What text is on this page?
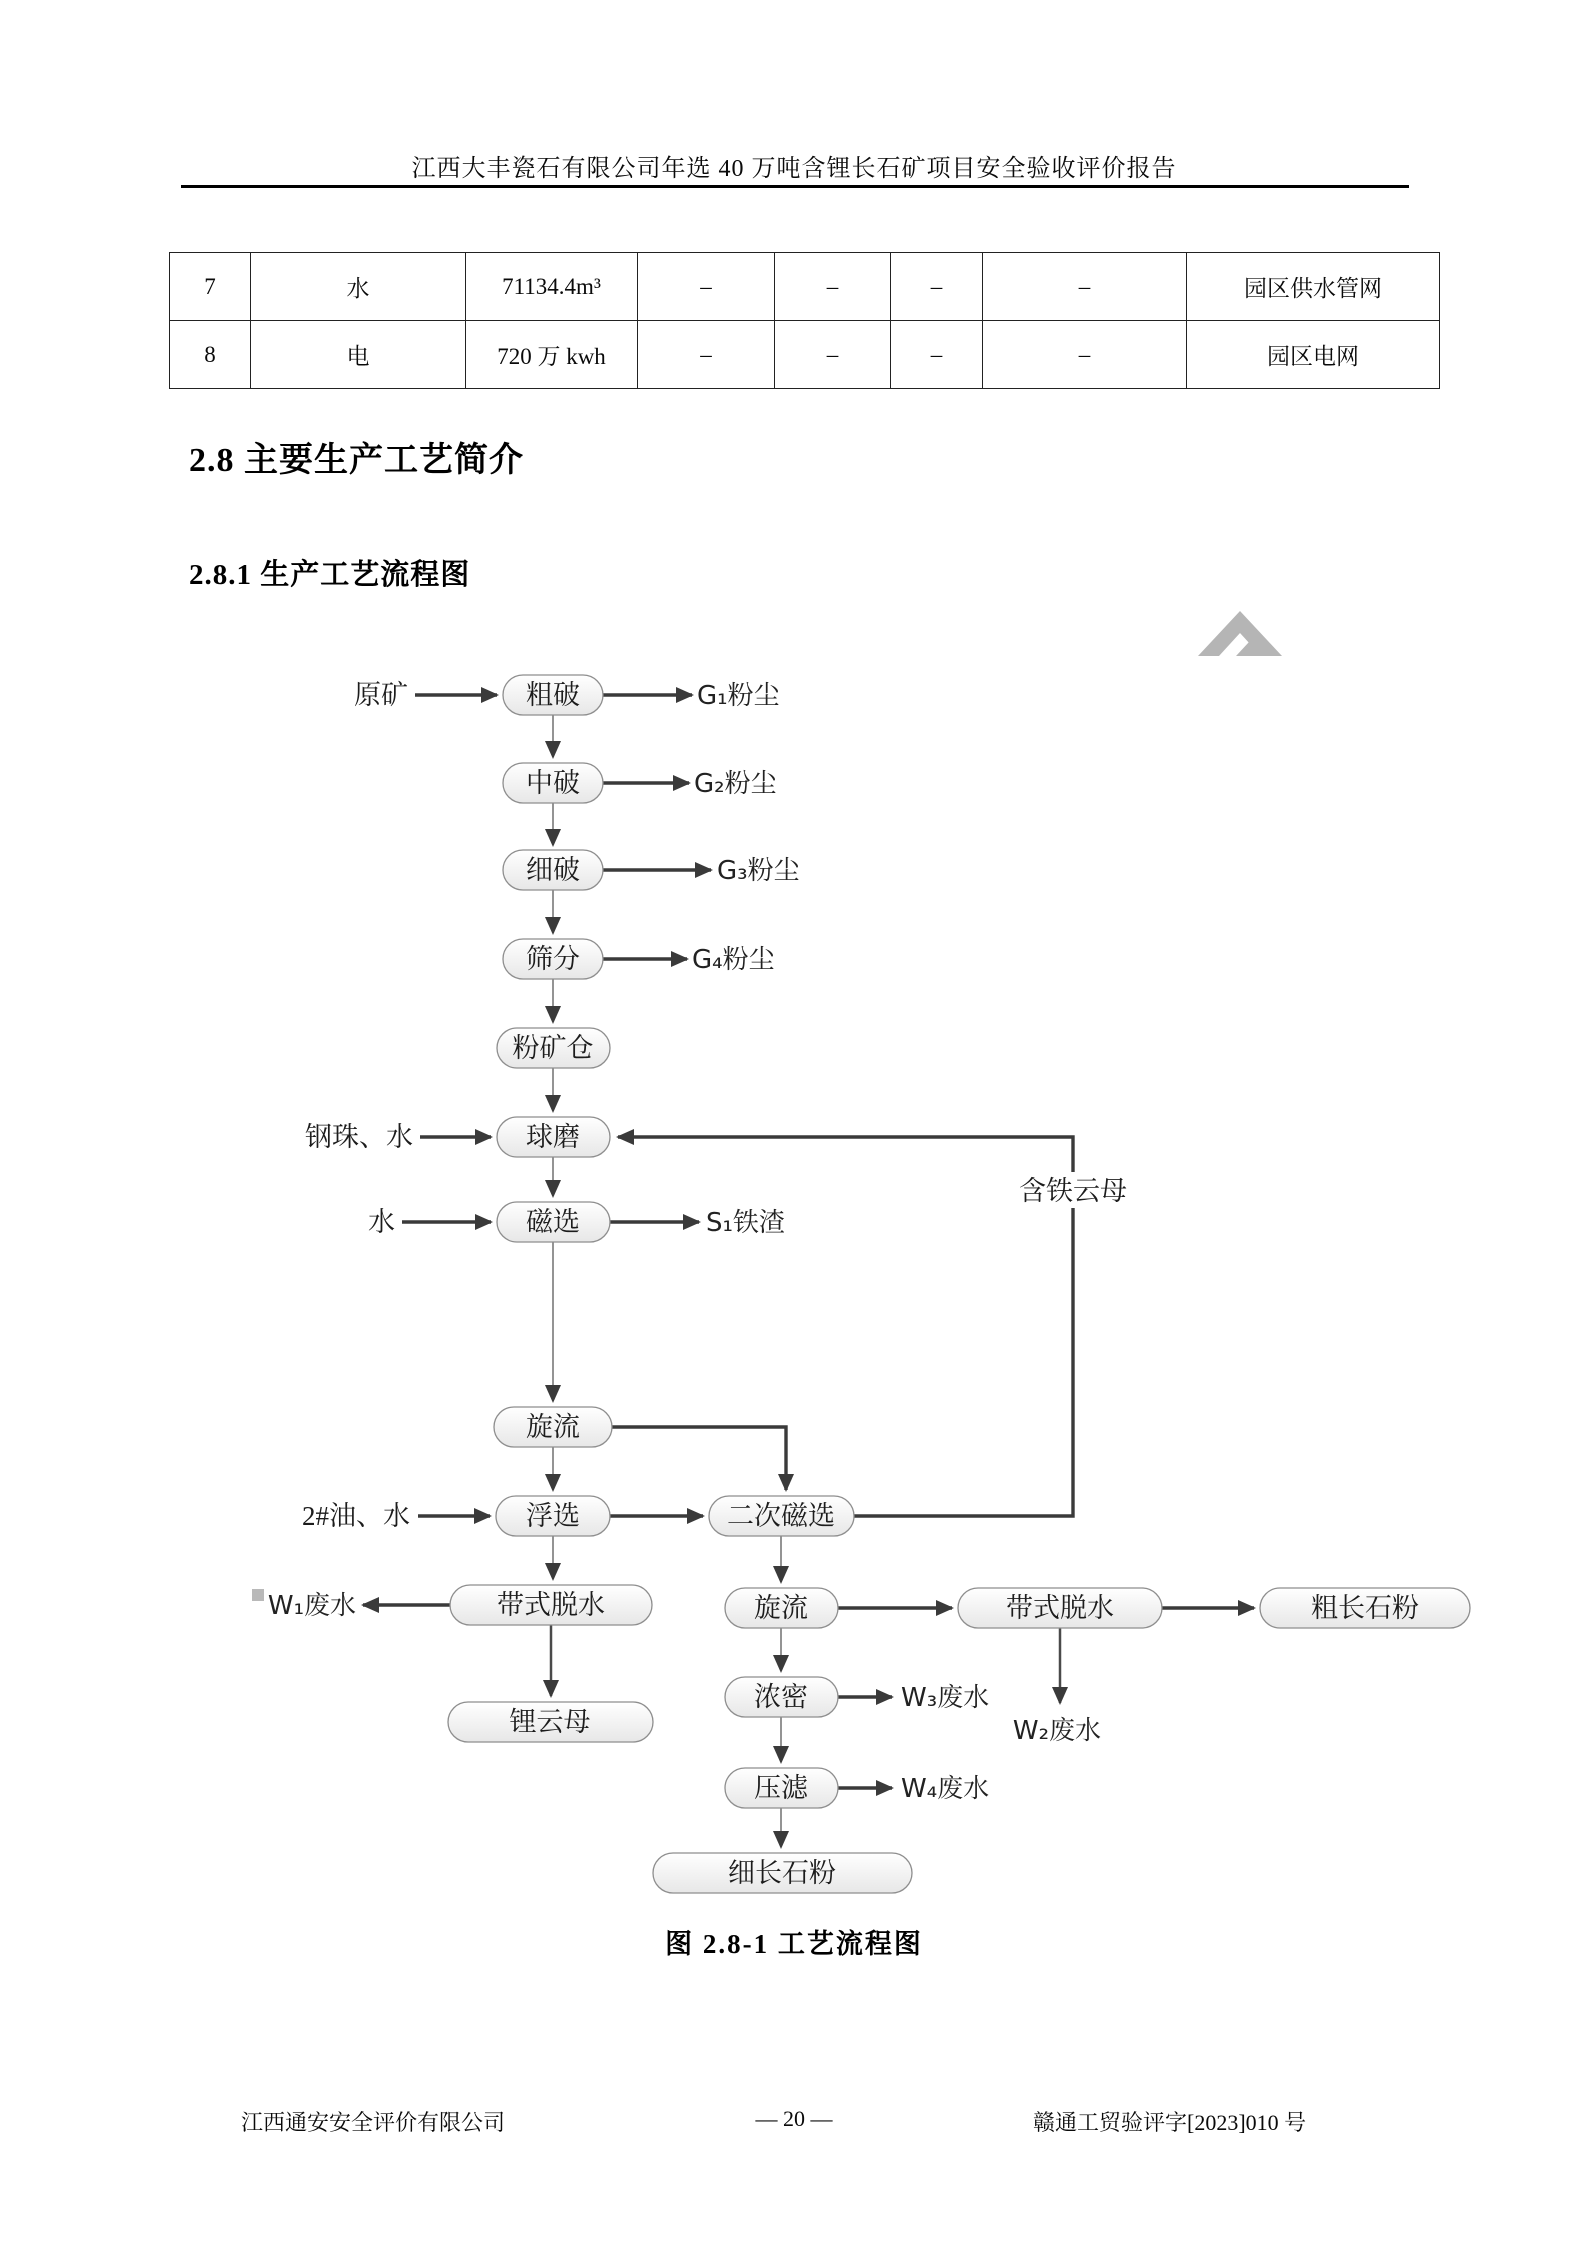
江西大丰瓷石有限公司年选 40 万吨含锂长石矿项目安全验收评价报告
7	水	71134.4m³	–	–	–	–	园区供水管网
8	电	720 万 kwh	–	–	–	–	园区电网
2.8 主要生产工艺简介
2.8.1 生产工艺流程图
含铁云母
粗破
中破
细破
筛分
粉矿仓
球磨
磁选
旋流
浮选	二次磁选
带式脱水
锂云母
旋流	带式脱水	粗长石粉
浓密
压滤
细长石粉
原矿
钢珠、水
水
2#油、水
G₁粉尘
G₂粉尘
G₃粉尘
G₄粉尘
S₁铁渣
W₁废水
W₂废水
W₃废水
W₄废水
图 2.8-1 工艺流程图
江西通安安全评价有限公司	— 20 —	赣通工贸验评字[2023]010 号
